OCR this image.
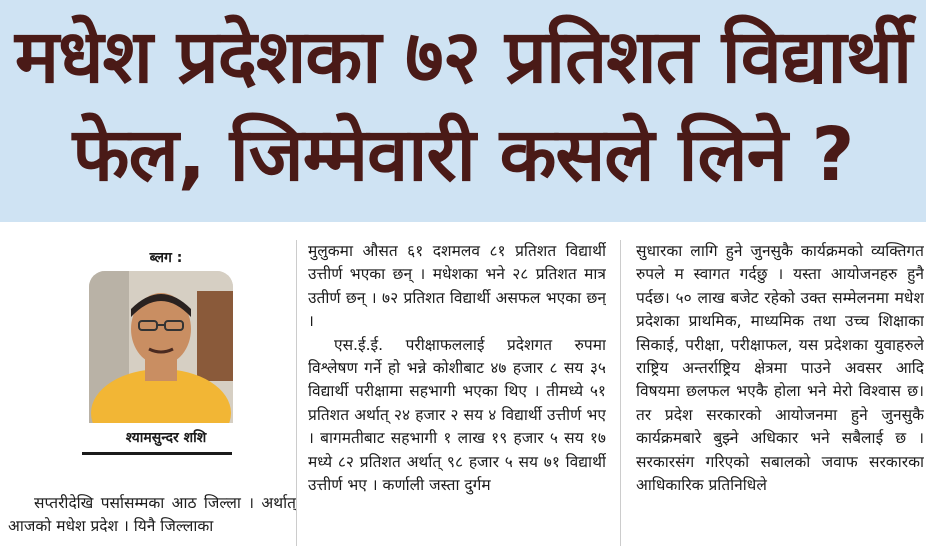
मधेश प्रदेशका ७२ प्रतिशत विद्यार्थी
फेल, जिम्मेवारी कसले लिने ?
ब्लग :
श्यामसुन्दर शशि
सप्तरीदेखि पर्सासम्मका आठ जिल्ला । अर्थात् आजको मधेश प्रदेश । यिनै जिल्लाका

मुलुकमा औसत ६१ दशमलव ८१ प्रतिशत विद्यार्थी उत्तीर्ण भएका छन् । मधेशका भने २८ प्रतिशत मात्र उतीर्ण छन् । ७२ प्रतिशत विद्यार्थी असफल भएका छन् ।

एस.ई.ई. परीक्षाफललाई प्रदेशगत रुपमा विश्लेषण गर्ने हो भन्ने कोशीबाट ४७ हजार ८ सय ३५ विद्यार्थी परीक्षामा सहभागी भएका थिए । तीमध्ये ५१ प्रतिशत अर्थात् २४ हजार २ सय ४ विद्यार्थी उत्तीर्ण भए । बागमतीबाट सहभागी १ लाख १९ हजार ५ सय १७ मध्ये ८२ प्रतिशत अर्थात् ९८ हजार ५ सय ७१ विद्यार्थी उत्तीर्ण भए । कर्णाली जस्ता दुर्गम

सुधारका लागि हुने जुनसुकै कार्यक्रमको व्यक्तिगत रुपले म स्वागत गर्दछु । यस्ता आयोजनहरु हुनै पर्दछ। ५० लाख बजेट रहेको उक्त सम्मेलनमा मधेश प्रदेशका प्राथमिक, माध्यमिक तथा उच्च शिक्षाका सिकाई, परीक्षा, परीक्षाफल, यस प्रदेशका युवाहरुले राष्ट्रिय अन्तर्राष्ट्रिय क्षेत्रमा पाउने अवसर आदि विषयमा छलफल भएकै होला भने मेरो विश्वास छ। तर प्रदेश सरकारको आयोजनमा हुने जुनसुकै कार्यक्रमबारे बुझ्ने अधिकार भने सबैलाई छ । सरकारसंग गरिएको सबालको जवाफ सरकारका आधिकारिक प्रतिनिधिले
